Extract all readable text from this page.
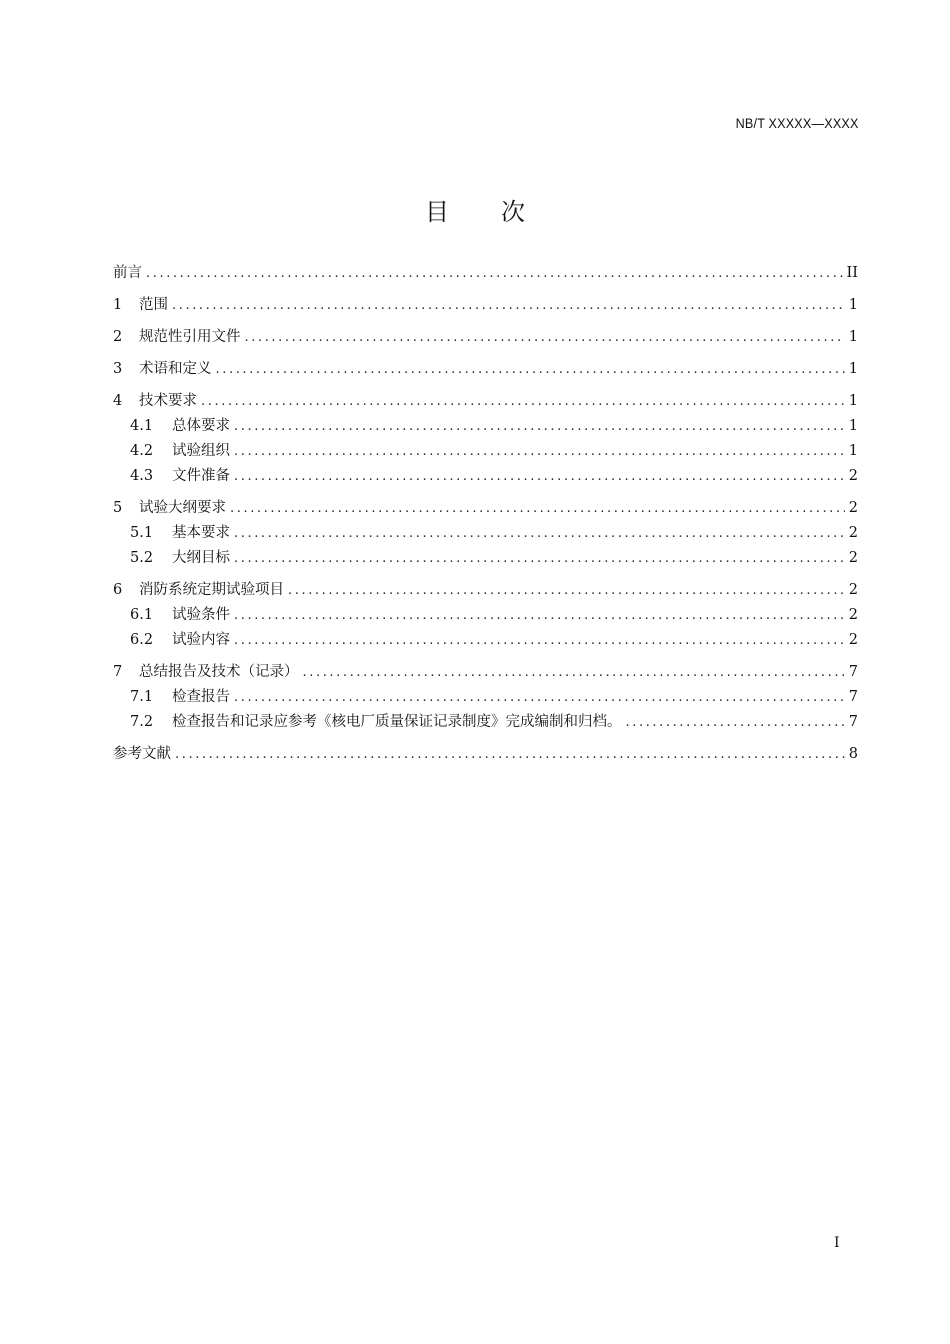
NB/T XXXXX—XXXX
目 次
前言 .....	II
1	范围 .....	1
2	规范性引用文件 .....	1
3	术语和定义 .....	1
4	技术要求 .....	1
4.1	总体要求 .....	1
4.2	试验组织 .....	1
4.3	文件准备 .....	2
5	试验大纲要求 .....	2
5.1	基本要求 .....	2
5.2	大纲目标 .....	2
6	消防系统定期试验项目 .....	2
6.1	试验条件 .....	2
6.2	试验内容 .....	2
7	总结报告及技术（记录） .....	7
7.1	检查报告 .....	7
7.2	检查报告和记录应参考《核电厂质量保证记录制度》完成编制和归档。 .....	7
参考文献 .....	8
I
